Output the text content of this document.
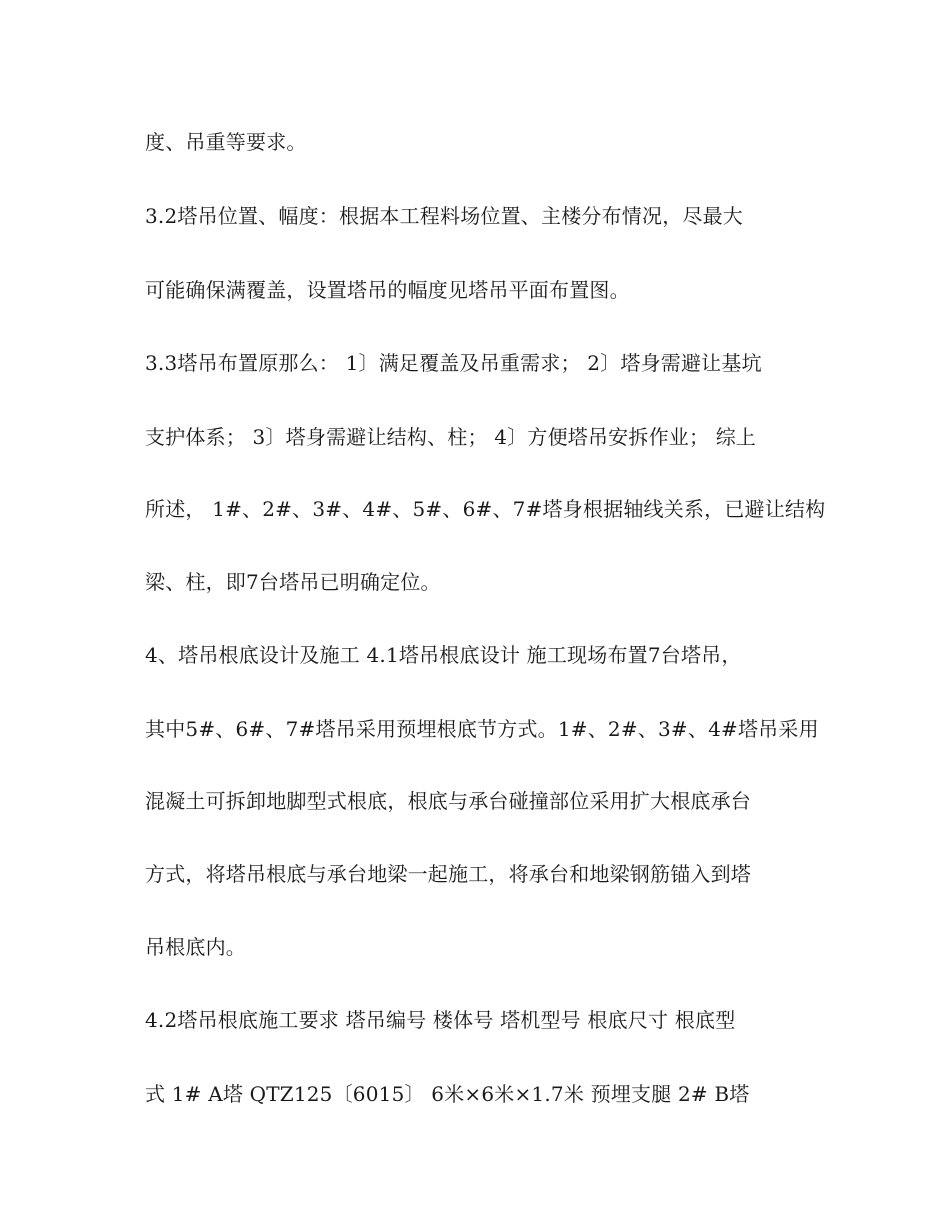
度、吊重等要求。
3.2塔吊位置、幅度：根据本工程料场位置、主楼分布情况，尽最大
可能确保满覆盖，设置塔吊的幅度见塔吊平面布置图。
3.3塔吊布置原那么： 1〕满足覆盖及吊重需求； 2〕塔身需避让基坑
支护体系； 3〕塔身需避让结构、柱； 4〕方便塔吊安拆作业； 综上
所述， 1#、2#、3#、4#、5#、6#、7#塔身根据轴线关系，已避让结构
梁、柱，即7台塔吊已明确定位。
4、塔吊根底设计及施工 4.1塔吊根底设计 施工现场布置7台塔吊，
其中5#、6#、7#塔吊采用预埋根底节方式。1#、2#、3#、4#塔吊采用
混凝土可拆卸地脚型式根底，根底与承台碰撞部位采用扩大根底承台
方式，将塔吊根底与承台地梁一起施工，将承台和地梁钢筋锚入到塔
吊根底内。
4.2塔吊根底施工要求 塔吊编号 楼体号 塔机型号 根底尺寸 根底型
式 1# A塔 QTZ125〔6015〕 6米×6米×1.7米 预埋支腿 2# B塔
